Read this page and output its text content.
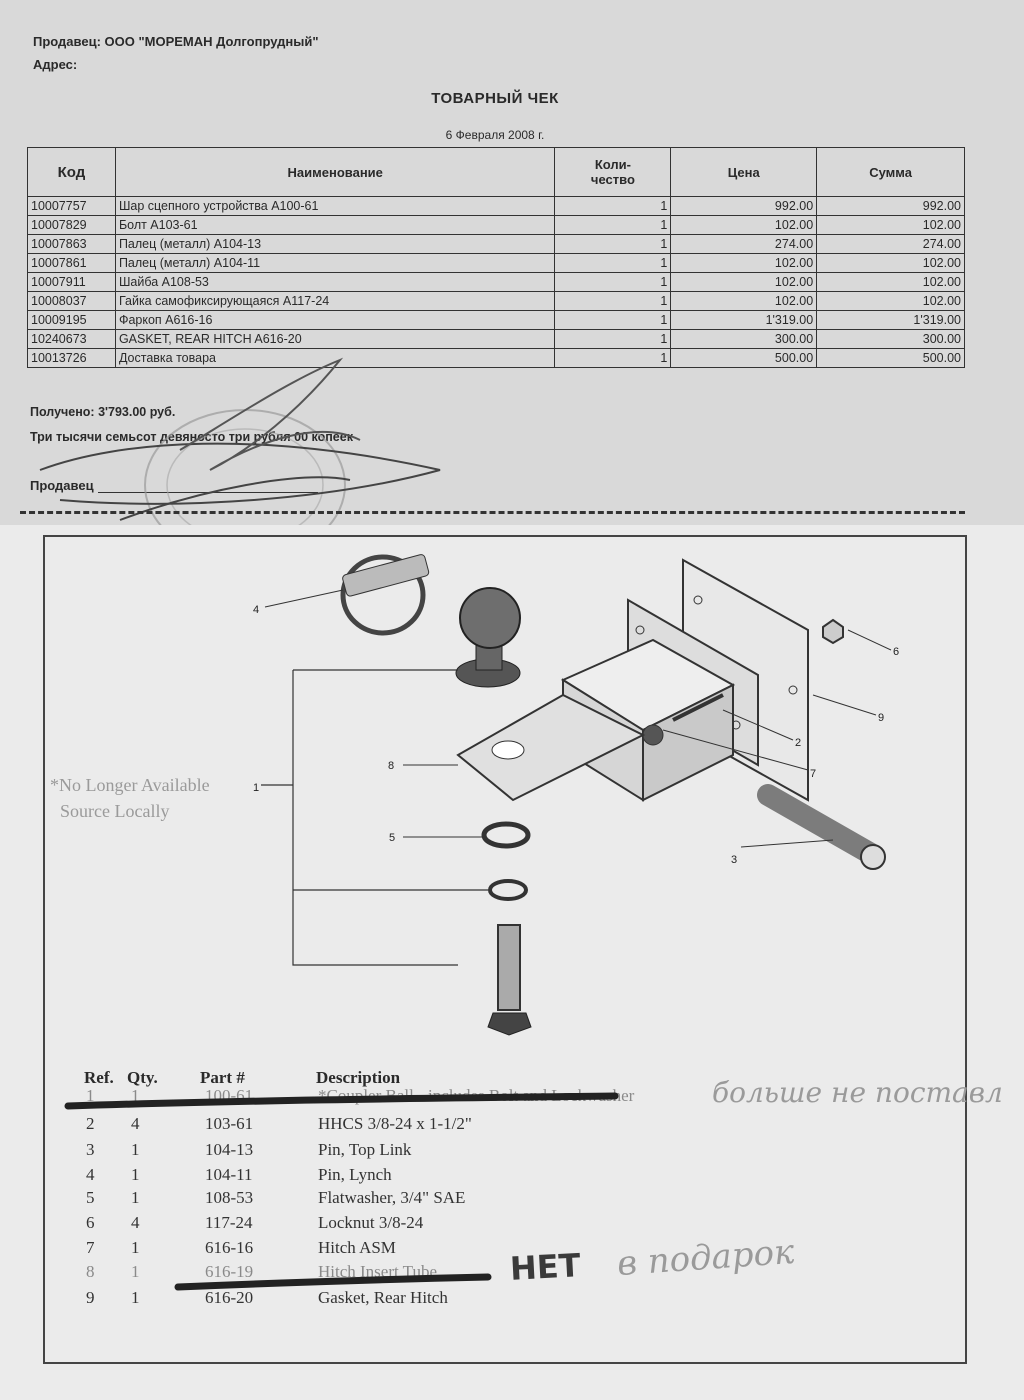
Продавец: ООО "МОРЕМАН Долгопрудный"
Адрес:
ТОВАРНЫЙ ЧЕК
6 Февраля 2008 г.
Код	Наименование	Коли-
чество	Цена	Сумма
10007757	Шар сцепного устройства А100-61	1	992.00	992.00
10007829	Болт А103-61	1	102.00	102.00
10007863	Палец (металл) А104-13	1	274.00	274.00
10007861	Палец (металл) А104-11	1	102.00	102.00
10007911	Шайба А108-53	1	102.00	102.00
10008037	Гайка самофиксирующаяся А117-24	1	102.00	102.00
10009195	Фаркоп А616-16	1	1'319.00	1'319.00
10240673	GASKET, REAR HITCH A616-20	1	300.00	300.00
10013726	Доставка товара	1	500.00	500.00
Получено: 3'793.00 руб.
Три тысячи семьсот девяносто три рубля 00 копеек
Продавец
1
2
3
4
5
6
7
8
9
*No Longer Available
Source Locally
Ref. Qty. Part #	Description
1 1	100-61	*Coupler Ball - includes Bolt and Lockwasher
2 4	103-61	HHCS 3/8-24 x 1-1/2"
3 1	104-13	Pin, Top Link
4 1	104-11	Pin, Lynch
5 1	108-53	Flatwasher, 3/4" SAE
6 4	117-24	Locknut 3/8-24
7 1	616-16	Hitch ASM
8 1	616-19	Hitch Insert Tube
9 1	616-20	Gasket, Rear Hitch
больше не поставл
НЕТ в подарок
